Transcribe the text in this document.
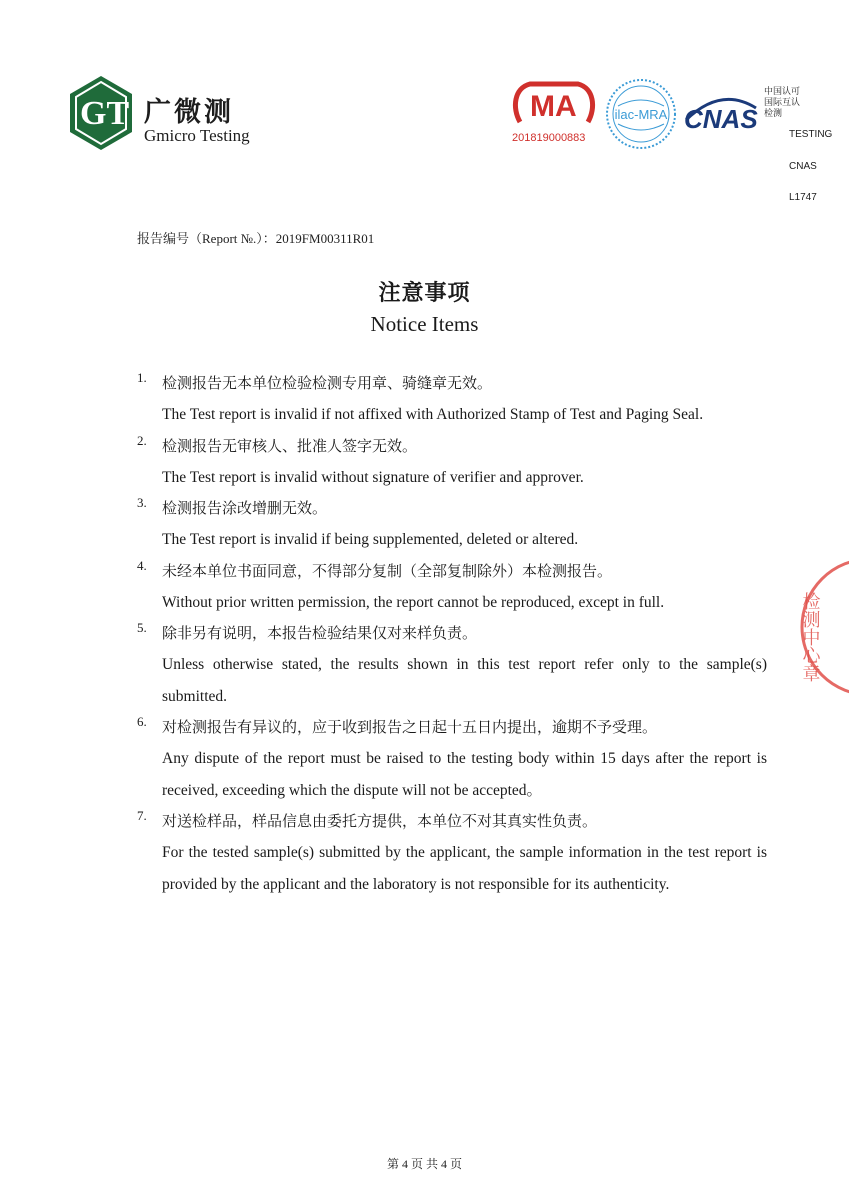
GT 广微测
Gmicro Testing
MA
201819000883
ilac-MRA CNAS
中国认可
国际互认
检测
TESTING
CNAS L1747
报告编号（Report №.）：2019FM00311R01
注意事项
Notice Items
1. 检测报告无本单位检验检测专用章、骑缝章无效。
The Test report is invalid if not affixed with Authorized Stamp of Test and Paging Seal.
2. 检测报告无审核人、批准人签字无效。
The Test report is invalid without signature of verifier and approver.
3. 检测报告涂改增删无效。
The Test report is invalid if being supplemented, deleted or altered.
4. 未经本单位书面同意，不得部分复制（全部复制除外）本检测报告。
Without prior written permission, the report cannot be reproduced, except in full.
5. 除非另有说明，本报告检验结果仅对来样负责。
Unless otherwise stated, the results shown in this test report refer only to the sample(s) submitted.
6. 对检测报告有异议的，应于收到报告之日起十五日内提出，逾期不予受理。
Any dispute of the report must be raised to the testing body within 15 days after the report is received, exceeding which the dispute will not be accepted。
7. 对送检样品，样品信息由委托方提供，本单位不对其真实性负责。
For the tested sample(s) submitted by the applicant, the sample information in the test report is provided by the applicant and the laboratory is not responsible for its authenticity.
检测中心章
第 4 页 共 4 页
